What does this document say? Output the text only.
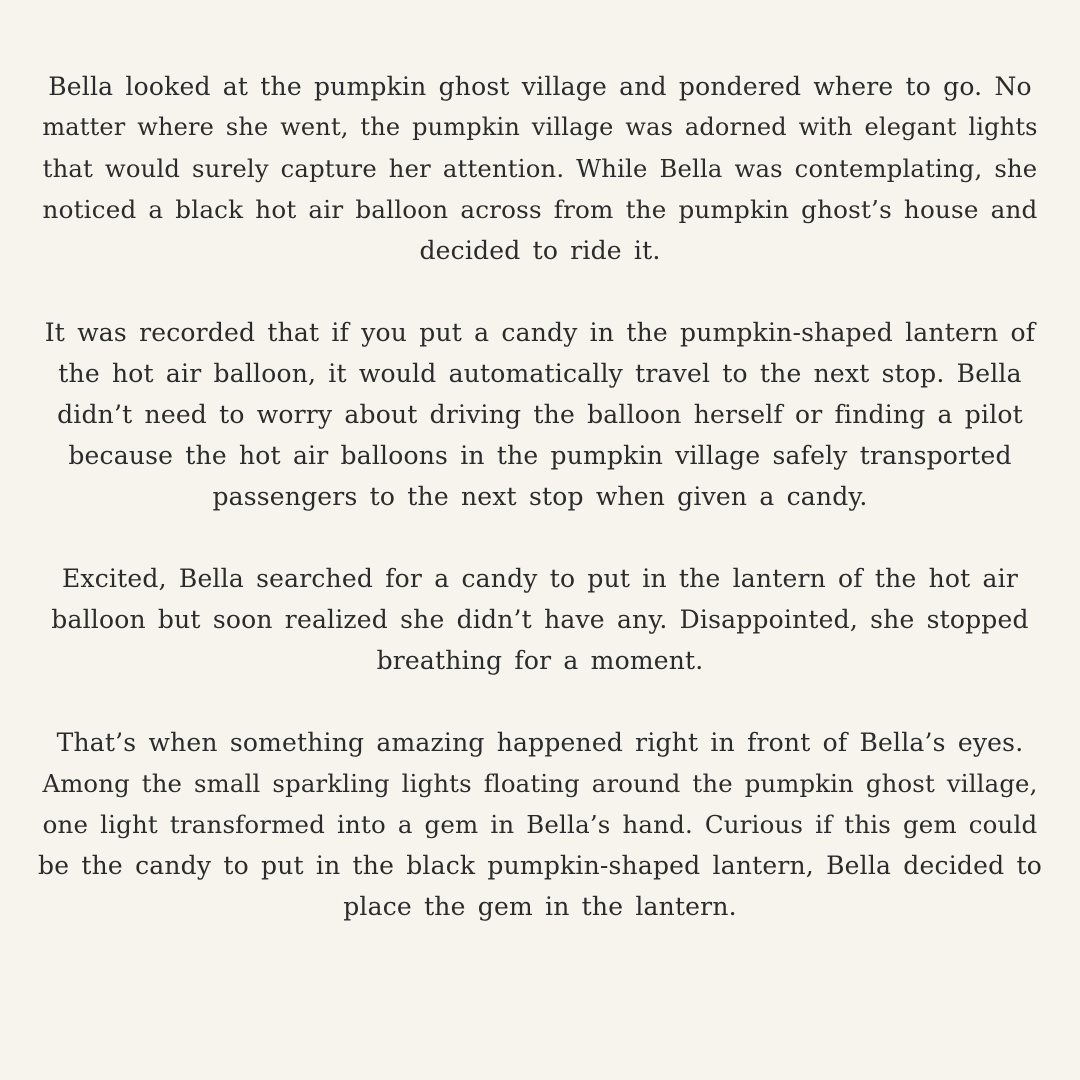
Bella looked at the pumpkin ghost village and pondered where to go. No
matter where she went, the pumpkin village was adorned with elegant lights
that would surely capture her attention. While Bella was contemplating, she
noticed a black hot air balloon across from the pumpkin ghost’s house and
decided to ride it.

It was recorded that if you put a candy in the pumpkin-shaped lantern of
the hot air balloon, it would automatically travel to the next stop. Bella
didn’t need to worry about driving the balloon herself or finding a pilot
because the hot air balloons in the pumpkin village safely transported
passengers to the next stop when given a candy.

Excited, Bella searched for a candy to put in the lantern of the hot air
balloon but soon realized she didn’t have any. Disappointed, she stopped
breathing for a moment.

That’s when something amazing happened right in front of Bella’s eyes.
Among the small sparkling lights floating around the pumpkin ghost village,
one light transformed into a gem in Bella’s hand. Curious if this gem could
be the candy to put in the black pumpkin-shaped lantern, Bella decided to
place the gem in the lantern.
